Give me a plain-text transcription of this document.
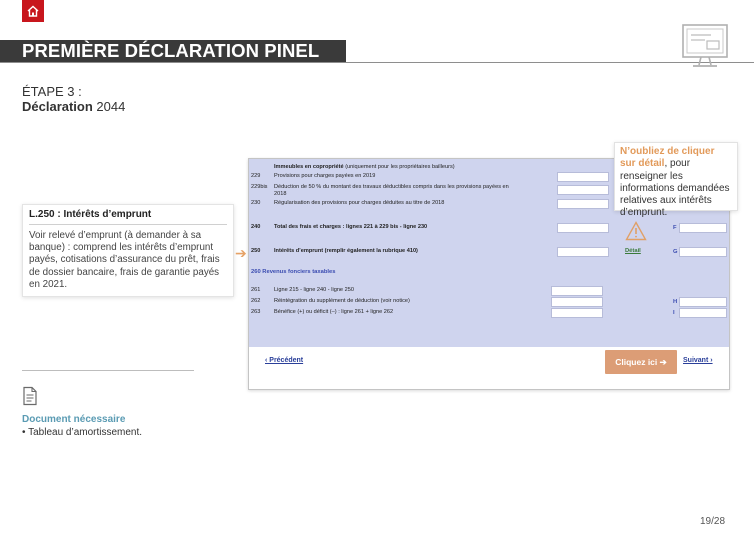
PREMIÈRE DÉCLARATION PINEL
ÉTAPE 3 :
Déclaration 2044
L.250 : Intérêts d’emprunt
Voir relevé d’emprunt (à demander à sa banque) : comprend les intérêts d’emprunt payés, cotisations d’assurance du prêt, frais de dossier bancaire, frais de garantie payés en 2021.
➔
Immeubles en copropriété (uniquement pour les propriétaires bailleurs)
229 Provisions pour charges payées en 2019
229bis Déduction de 50 % du montant des travaux déductibles compris dans les provisions payées en
2018
230 Régularisation des provisions pour charges déduites au titre de 2018
240 Total des frais et charges : lignes 221 à 229 bis - ligne 230
250 Intérêts d’emprunt (remplir également la rubrique 410)
260 Revenus fonciers taxables
261 Ligne 215 - ligne 240 - ligne 250
262 Réintégration du supplément de déduction (voir notice)
263 Bénéfice (+) ou déficit (–) : ligne 261 + ligne 262
F
G
H
I
Détail
‹ Précédent	Cliquez ici ➔	Suivant ›
N’oubliez de cliquer sur détail, pour renseigner les informations demandées relatives aux intérêts d’emprunt.
Document nécessaire
• Tableau d’amortissement.
19/28
